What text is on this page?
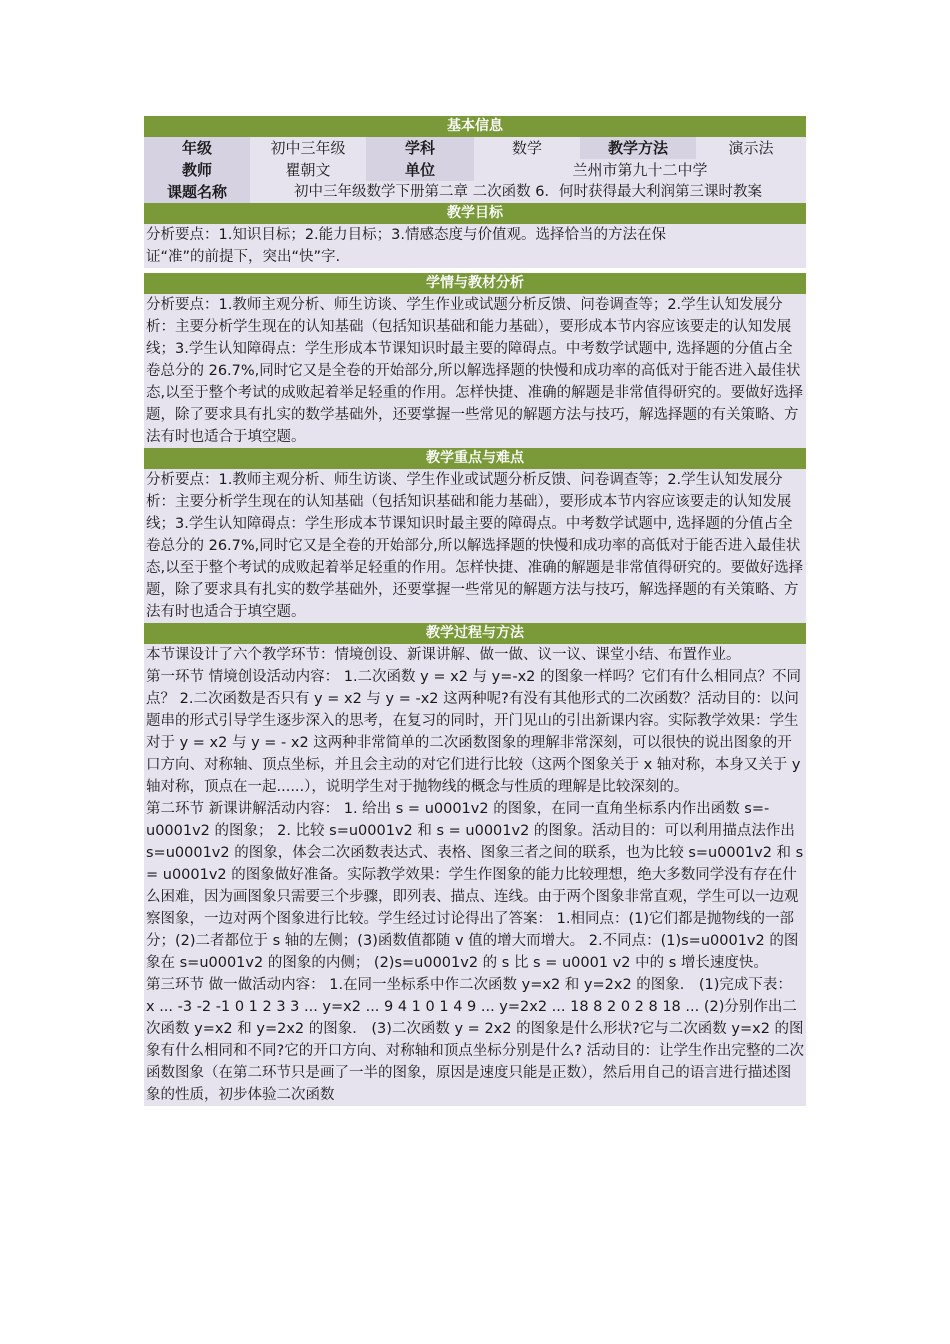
基本信息
年级	初中三年级	学科	数学	教学方法	演示法
教师	瞿朝文	单位	兰州市第九十二中学
课题名称	初中三年级数学下册第二章 二次函数 6．何时获得最大利润第三课时教案
教学目标

分析要点：1.知识目标；2.能力目标；3.情感态度与价值观。选择恰当的方法在保

证“准”的前提下，突出“快”字.

学情与教材分析

分析要点：1.教师主观分析、师生访谈、学生作业或试题分析反馈、问卷调查等；2.学生认知发展分析：主要分析学生现在的认知基础（包括知识基础和能力基础），要形成本节内容应该要走的认知发展线；3.学生认知障碍点：学生形成本节课知识时最主要的障碍点。中考数学试题中, 选择题的分值占全卷总分的 26.7%,同时它又是全卷的开始部分,所以解选择题的快慢和成功率的高低对于能否进入最佳状态,以至于整个考试的成败起着举足轻重的作用。怎样快捷、准确的解题是非常值得研究的。要做好选择题，除了要求具有扎实的数学基础外，还要掌握一些常见的解题方法与技巧，解选择题的有关策略、方法有时也适合于填空题。

教学重点与难点

分析要点：1.教师主观分析、师生访谈、学生作业或试题分析反馈、问卷调查等；2.学生认知发展分析：主要分析学生现在的认知基础（包括知识基础和能力基础），要形成本节内容应该要走的认知发展线；3.学生认知障碍点：学生形成本节课知识时最主要的障碍点。中考数学试题中, 选择题的分值占全卷总分的 26.7%,同时它又是全卷的开始部分,所以解选择题的快慢和成功率的高低对于能否进入最佳状态,以至于整个考试的成败起着举足轻重的作用。怎样快捷、准确的解题是非常值得研究的。要做好选择题，除了要求具有扎实的数学基础外，还要掌握一些常见的解题方法与技巧，解选择题的有关策略、方法有时也适合于填空题。

教学过程与方法

本节课设计了六个教学环节：情境创设、新课讲解、做一做、议一议、课堂小结、布置作业。

第一环节 情境创设活动内容： 1.二次函数 y = x2 与 y=-x2 的图象一样吗？它们有什么相同点？不同点？ 2.二次函数是否只有 y = x2 与 y = -x2 这两种呢?有没有其他形式的二次函数？活动目的：以问题串的形式引导学生逐步深入的思考，在复习的同时，开门见山的引出新课内容。实际教学效果：学生对于 y = x2 与 y = - x2 这两种非常简单的二次函数图象的理解非常深刻，可以很快的说出图象的开口方向、对称轴、顶点坐标，并且会主动的对它们进行比较（这两个图象关于 x 轴对称，本身又关于 y 轴对称，顶点在一起......），说明学生对于抛物线的概念与性质的理解是比较深刻的。

第二环节 新课讲解活动内容： 1. 给出 s = u0001v2 的图象，在同一直角坐标系内作出函数 s=-u0001v2 的图象； 2. 比较 s=u0001v2 和 s = u0001v2 的图象。活动目的：可以利用描点法作出 s=u0001v2 的图象，体会二次函数表达式、表格、图象三者之间的联系，也为比较 s=u0001v2 和 s = u0001v2 的图象做好准备。实际教学效果：学生作图象的能力比较理想，绝大多数同学没有存在什么困难，因为画图象只需要三个步骤，即列表、描点、连线。由于两个图象非常直观，学生可以一边观察图象，一边对两个图象进行比较。学生经过讨论得出了答案： 1.相同点：(1)它们都是抛物线的一部分；(2)二者都位于 s 轴的左侧；(3)函数值都随 v 值的增大而增大。 2.不同点：(1)s=u0001v2 的图象在 s=u0001v2 的图象的内侧； (2)s=u0001v2 的 s 比 s = u0001 v2 中的 s 增长速度快。

第三环节 做一做活动内容： 1.在同一坐标系中作二次函数 y=x2 和 y=2x2 的图象． (1)完成下表： x ... -3 -2 -1 0 1 2 3 3 ... y=x2 ... 9 4 1 0 1 4 9 ... y=2x2 ... 18 8 2 0 2 8 18 ... (2)分别作出二次函数 y=x2 和 y=2x2 的图象． (3)二次函数 y = 2x2 的图象是什么形状?它与二次函数 y=x2 的图象有什么相同和不同?它的开口方向、对称轴和顶点坐标分别是什么? 活动目的：让学生作出完整的二次函数图象（在第二环节只是画了一半的图象，原因是速度只能是正数），然后用自己的语言进行描述图象的性质，初步体验二次函数
